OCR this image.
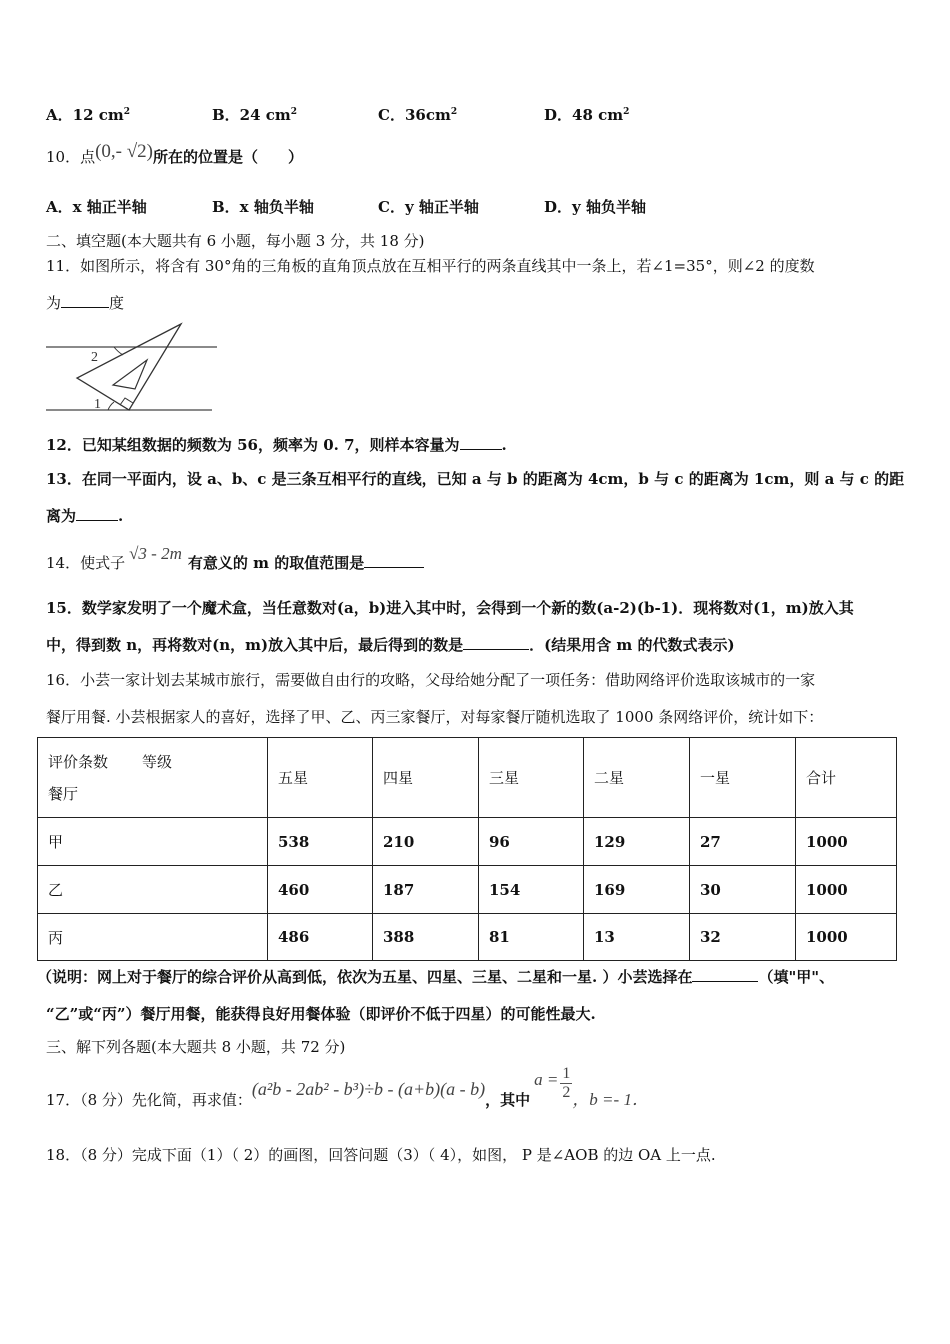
A．12 $cm^2$	B．24 $cm^2$	C．$36cm^2$	D．48 $cm^2$
10．点(0,- √2)所在的位置是（　　）
A．x 轴正半轴	B．x 轴负半轴	C．y 轴正半轴	D．y 轴负半轴
二、填空题(本大题共有 6 小题，每小题 3 分，共 18 分)
11．如图所示，将含有 30°角的三角板的直角顶点放在互相平行的两条直线其中一条上，若∠1=35°，则∠2 的度数
为	度
2
1
12．已知某组数据的频数为 56，频率为 0. 7，则样本容量为	.
13．在同一平面内，设 a、b、c 是三条互相平行的直线，已知 a 与 b 的距离为 4cm，b 与 c 的距离为 1cm，则 a 与 c 的距
离为	.
14．使式子 √3 - 2m 有意义的 m 的取值范围是
15．数学家发明了一个魔术盒，当任意数对(a，b)进入其中时，会得到一个新的数(a-2)(b-1)．现将数对(1，m)放入其
中，得到数 n，再将数对(n，m)放入其中后，最后得到的数是	．(结果用含 m 的代数式表示)
16．小芸一家计划去某城市旅行，需要做自由行的攻略，父母给她分配了一项任务：借助网络评价选取该城市的一家
餐厅用餐. 小芸根据家人的喜好，选择了甲、乙、丙三家餐厅，对每家餐厅随机选取了 1000 条网络评价，统计如下：
评价条数 等级
餐厅	五星	四星	三星	二星	一星	合计
甲	538	210	96	129	27	1000
乙	460	187	154	169	30	1000
丙	486	388	81	13	32	1000
（说明：网上对于餐厅的综合评价从高到低，依次为五星、四星、三星、二星和一星. ）小芸选择在	（填"甲"、
“乙”或“丙”）餐厅用餐，能获得良好用餐体验（即评价不低于四星）的可能性最大.
三、解下列各题(本大题共 8 小题，共 72 分)
17．（8 分）先化简，再求值：(a²b - 2ab² - b³)÷b - (a+b)(a - b)，其中$a = \frac{1}{2}$ ，b =- 1．
18．（8 分）完成下面（1）（ 2）的画图，回答问题（3）（ 4），如图， P 是∠AOB 的边 OA 上一点.
